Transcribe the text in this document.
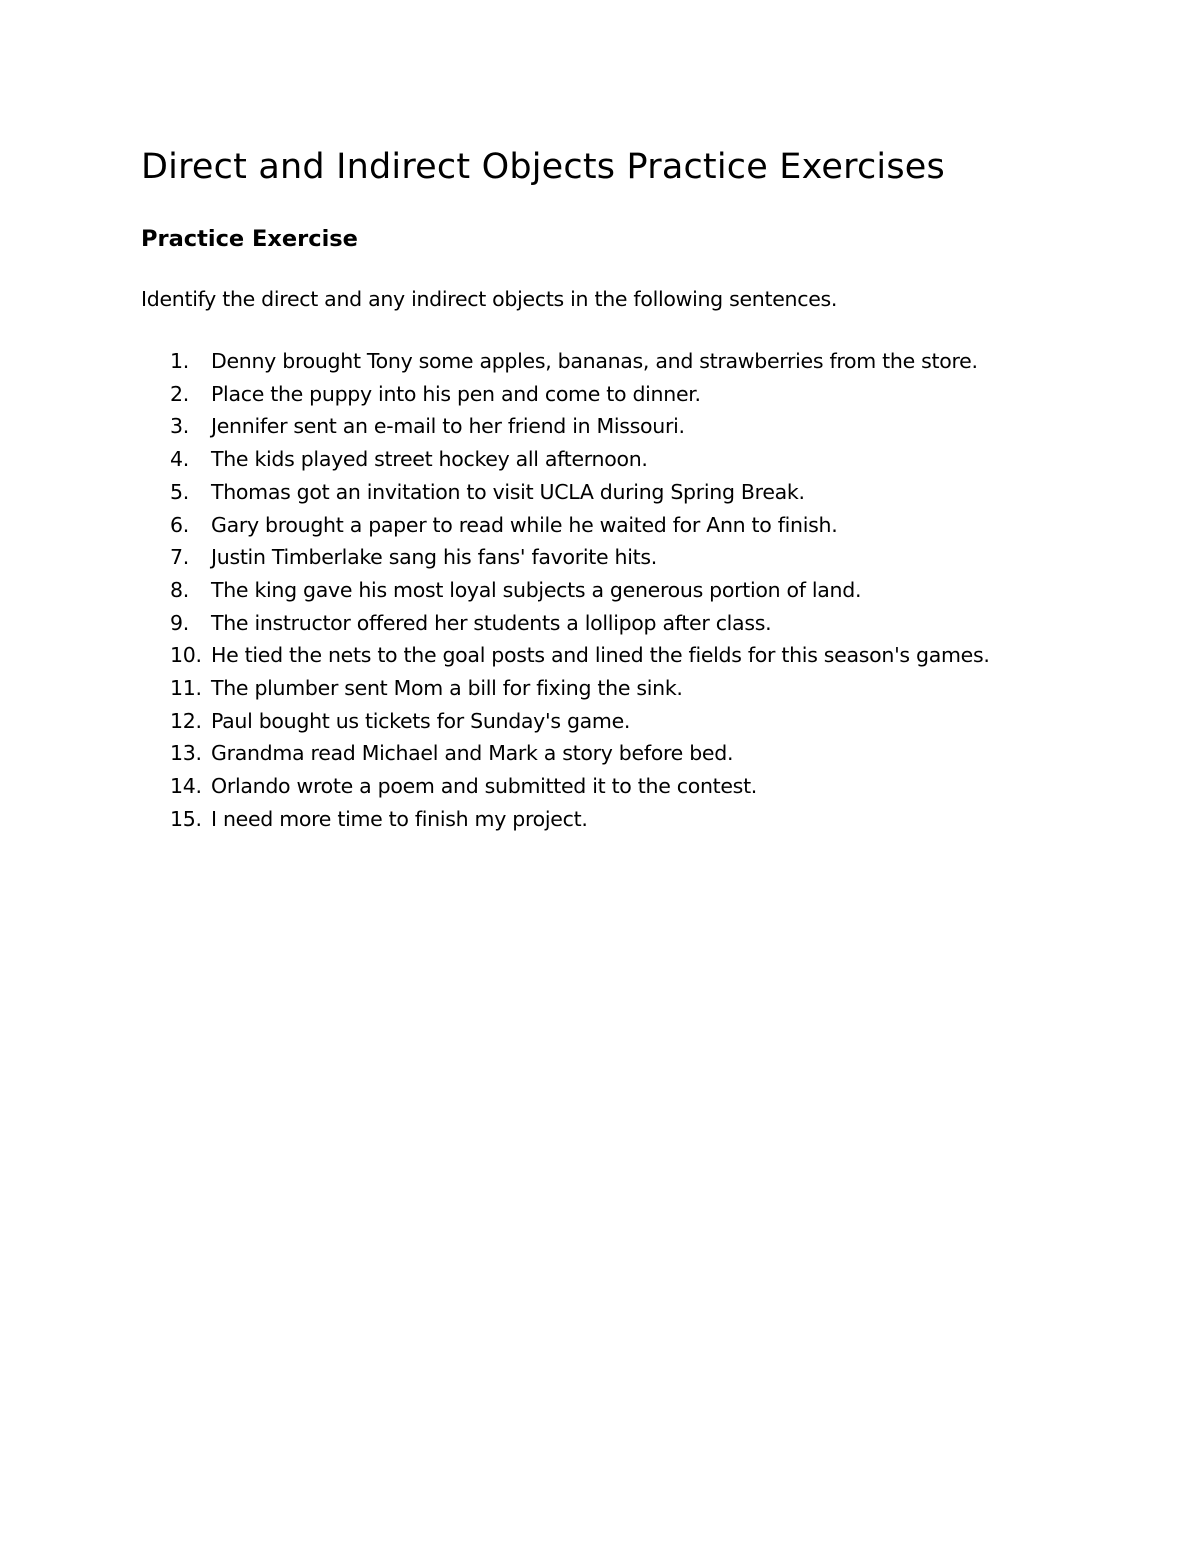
Direct and Indirect Objects Practice Exercises
Practice Exercise

Identify the direct and any indirect objects in the following sentences.

1.	Denny brought Tony some apples, bananas, and strawberries from the store.
2.	Place the puppy into his pen and come to dinner.
3.	Jennifer sent an e-mail to her friend in Missouri.
4.	The kids played street hockey all afternoon.
5.	Thomas got an invitation to visit UCLA during Spring Break.
6.	Gary brought a paper to read while he waited for Ann to finish.
7.	Justin Timberlake sang his fans' favorite hits.
8.	The king gave his most loyal subjects a generous portion of land.
9.	The instructor offered her students a lollipop after class.
10. He tied the nets to the goal posts and lined the fields for this season's games.
11. The plumber sent Mom a bill for fixing the sink.
12. Paul bought us tickets for Sunday's game.
13. Grandma read Michael and Mark a story before bed.
14. Orlando wrote a poem and submitted it to the contest.
15. I need more time to finish my project.
